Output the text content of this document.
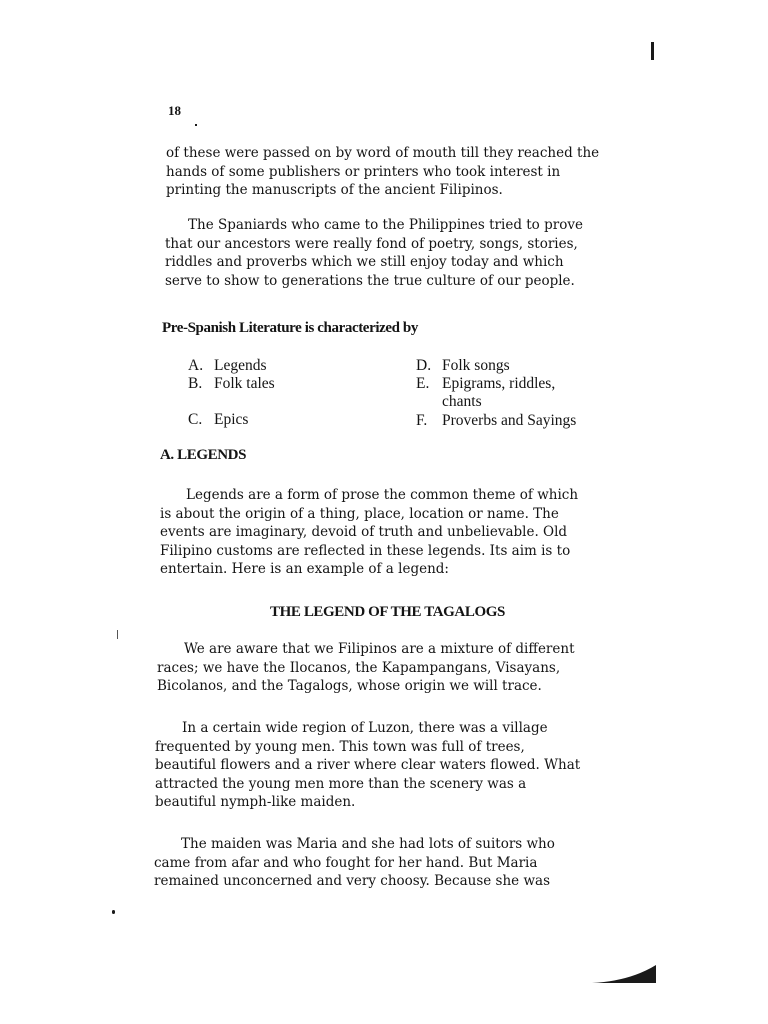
18
of these were passed on by word of mouth till they reached the
hands of some publishers or printers who took interest in
printing the manuscripts of the ancient Filipinos.
The Spaniards who came to the Philippines tried to prove
that our ancestors were really fond of poetry, songs, stories,
riddles and proverbs which we still enjoy today and which
serve to show to generations the true culture of our people.
Pre-Spanish Literature is characterized by
A. Legends
B. Folk tales
C. Epics
D. Folk songs
E. Epigrams, riddles,
chants
F. Proverbs and Sayings
A. LEGENDS
Legends are a form of prose the common theme of which
is about the origin of a thing, place, location or name. The
events are imaginary, devoid of truth and unbelievable. Old
Filipino customs are reflected in these legends. Its aim is to
entertain. Here is an example of a legend:
THE LEGEND OF THE TAGALOGS
We are aware that we Filipinos are a mixture of different
races; we have the Ilocanos, the Kapampangans, Visayans,
Bicolanos, and the Tagalogs, whose origin we will trace.
In a certain wide region of Luzon, there was a village
frequented by young men. This town was full of trees,
beautiful flowers and a river where clear waters flowed. What
attracted the young men more than the scenery was a
beautiful nymph-like maiden.
The maiden was Maria and she had lots of suitors who
came from afar and who fought for her hand. But Maria
remained unconcerned and very choosy. Because she was
